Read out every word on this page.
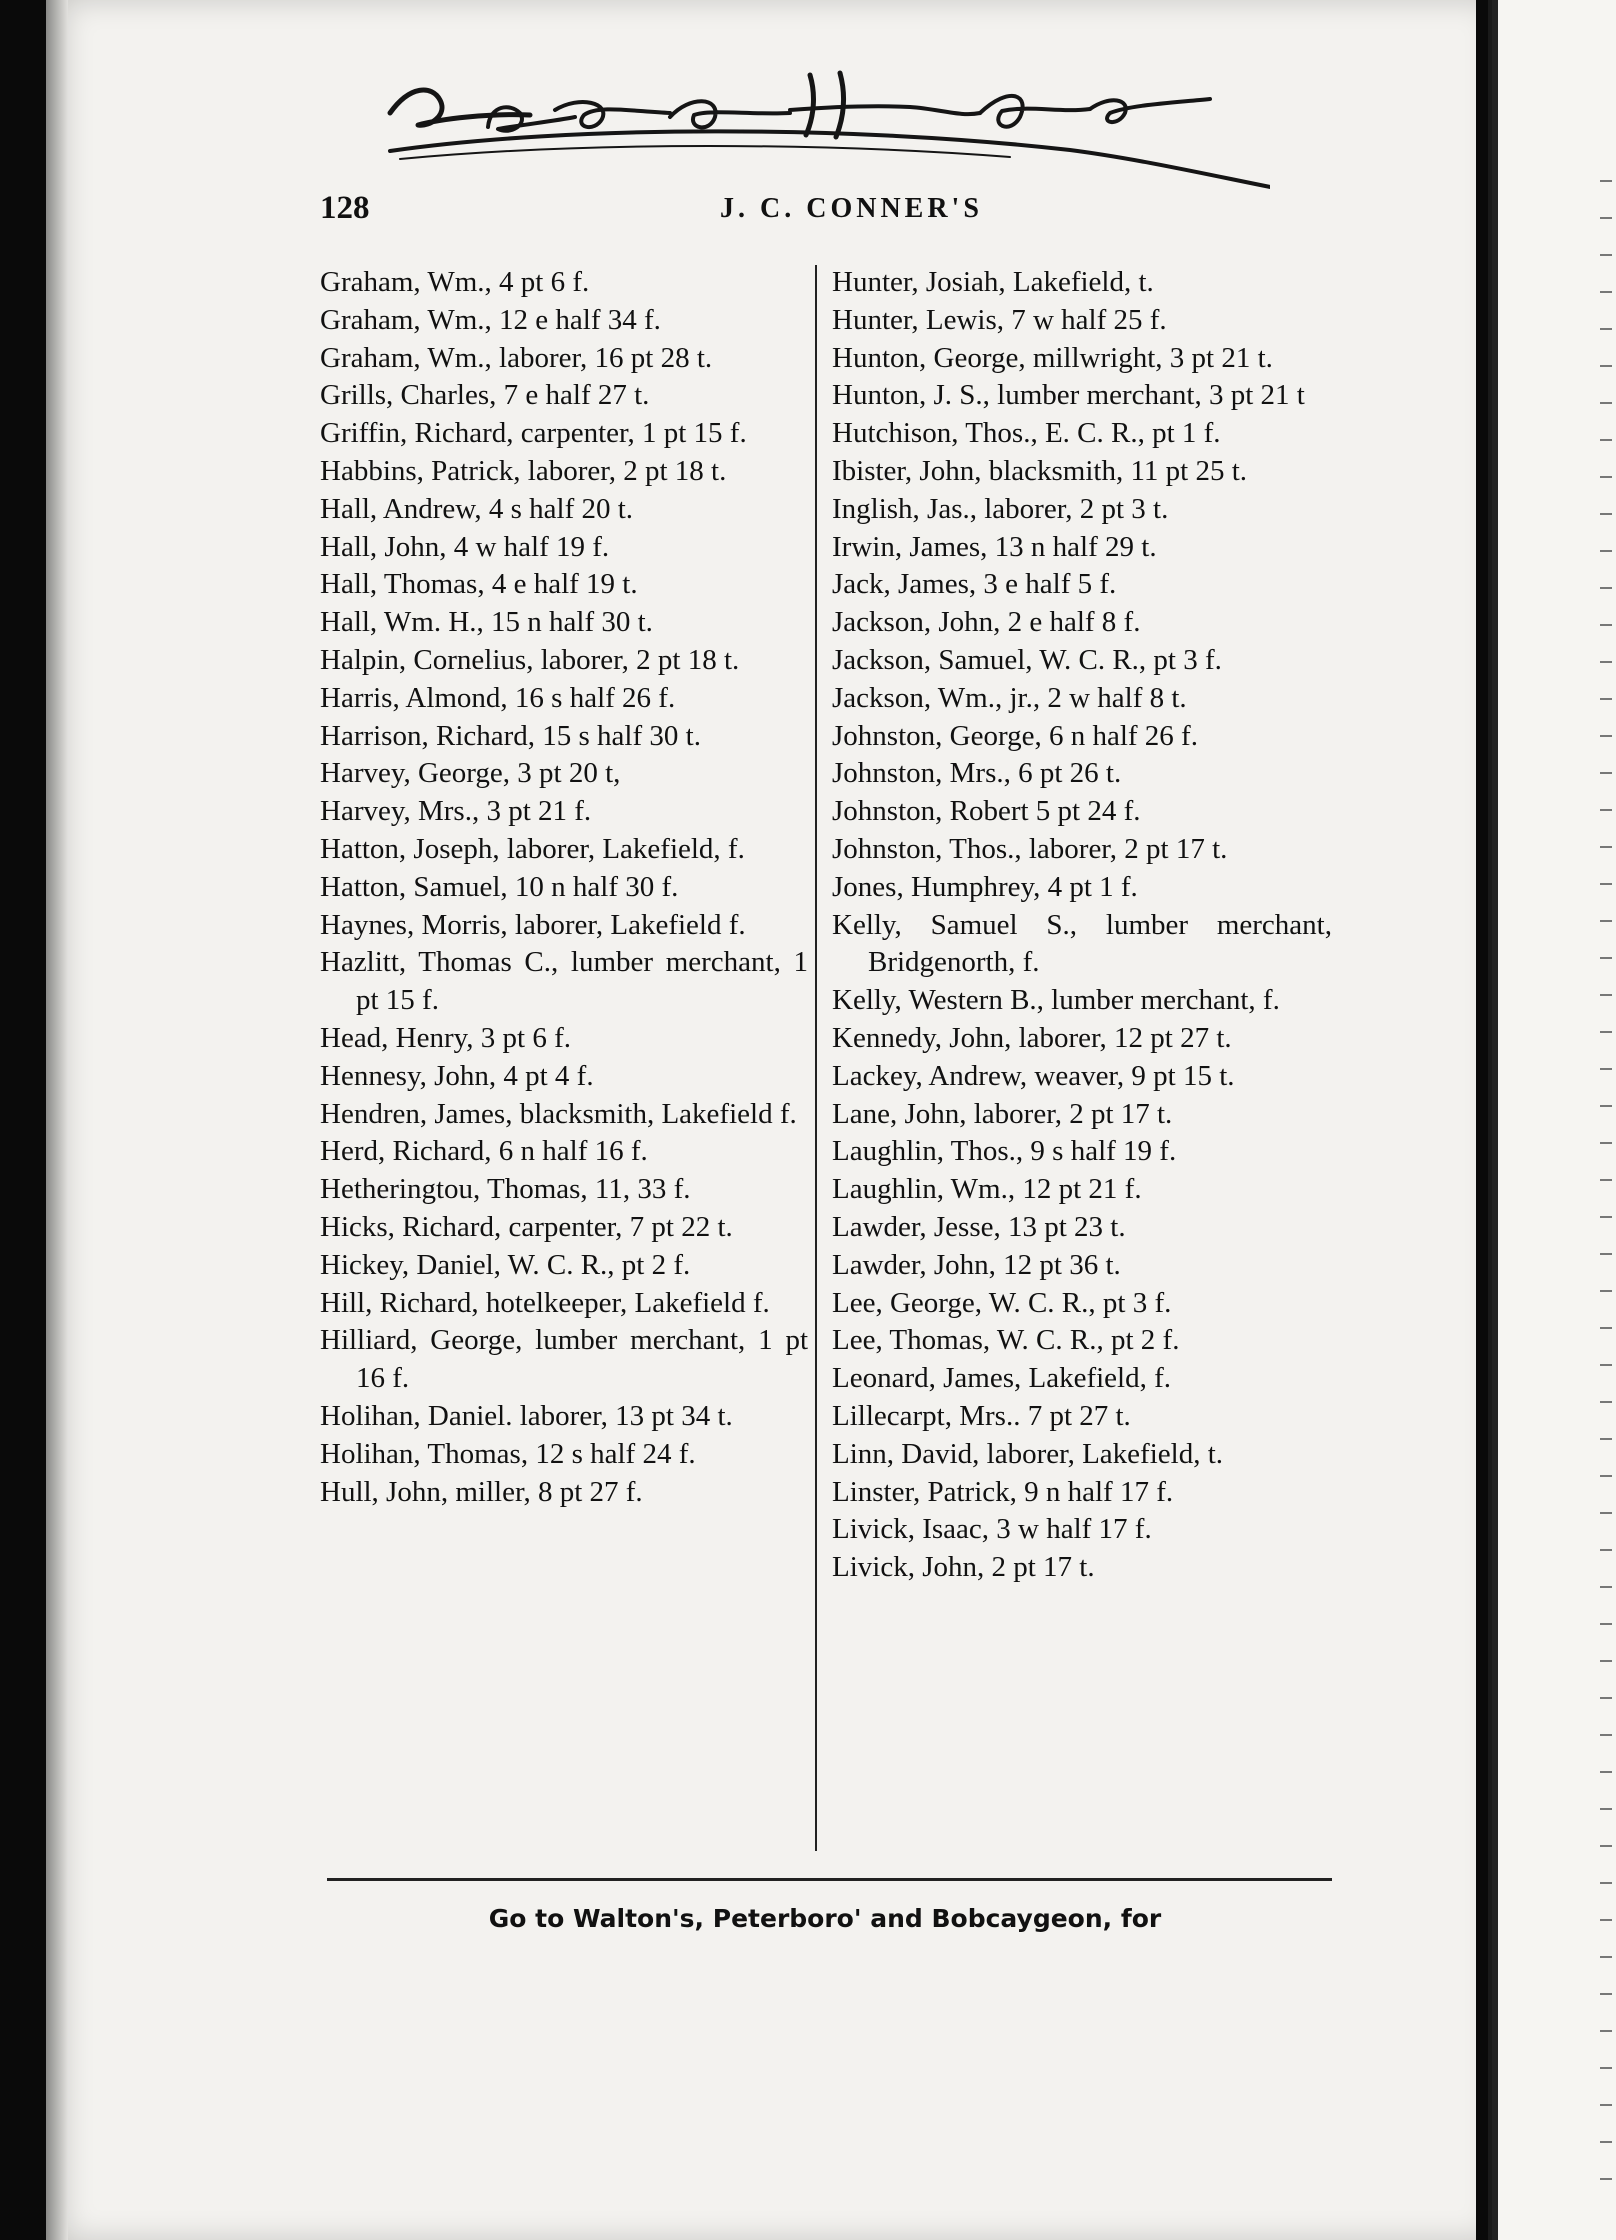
128	J. C. CONNER'S
Graham, Wm., 4 pt 6 f.
Graham, Wm., 12 e half 34 f.
Graham, Wm., laborer, 16 pt 28 t.
Grills, Charles, 7 e half 27 t.
Griffin, Richard, carpenter, 1 pt 15 f.
Habbins, Patrick, laborer, 2 pt 18 t.
Hall, Andrew, 4 s half 20 t.
Hall, John, 4 w half 19 f.
Hall, Thomas, 4 e half 19 t.
Hall, Wm. H., 15 n half 30 t.
Halpin, Cornelius, laborer, 2 pt 18 t.
Harris, Almond, 16 s half 26 f.
Harrison, Richard, 15 s half 30 t.
Harvey, George, 3 pt 20 t,
Harvey, Mrs., 3 pt 21 f.
Hatton, Joseph, laborer, Lakefield, f.
Hatton, Samuel, 10 n half 30 f.
Haynes, Morris, laborer, Lakefield f.
Hazlitt, Thomas C., lumber merchant, 1 pt 15 f.
Head, Henry, 3 pt 6 f.
Hennesy, John, 4 pt 4 f.
Hendren, James, blacksmith, Lakefield f.
Herd, Richard, 6 n half 16 f.
Hetheringtou, Thomas, 11, 33 f.
Hicks, Richard, carpenter, 7 pt 22 t.
Hickey, Daniel, W. C. R., pt 2 f.
Hill, Richard, hotelkeeper, Lakefield f.
Hilliard, George, lumber merchant, 1 pt 16 f.
Holihan, Daniel. laborer, 13 pt 34 t.
Holihan, Thomas, 12 s half 24 f.
Hull, John, miller, 8 pt 27 f.
Hunter, Josiah, Lakefield, t.
Hunter, Lewis, 7 w half 25 f.
Hunton, George, millwright, 3 pt 21 t.
Hunton, J. S., lumber merchant, 3 pt 21 t
Hutchison, Thos., E. C. R., pt 1 f.
Ibister, John, blacksmith, 11 pt 25 t.
Inglish, Jas., laborer, 2 pt 3 t.
Irwin, James, 13 n half 29 t.
Jack, James, 3 e half 5 f.
Jackson, John, 2 e half 8 f.
Jackson, Samuel, W. C. R., pt 3 f.
Jackson, Wm., jr., 2 w half 8 t.
Johnston, George, 6 n half 26 f.
Johnston, Mrs., 6 pt 26 t.
Johnston, Robert 5 pt 24 f.
Johnston, Thos., laborer, 2 pt 17 t.
Jones, Humphrey, 4 pt 1 f.
Kelly, Samuel S., lumber merchant, Bridgenorth, f.
Kelly, Western B., lumber merchant, f.
Kennedy, John, laborer, 12 pt 27 t.
Lackey, Andrew, weaver, 9 pt 15 t.
Lane, John, laborer, 2 pt 17 t.
Laughlin, Thos., 9 s half 19 f.
Laughlin, Wm., 12 pt 21 f.
Lawder, Jesse, 13 pt 23 t.
Lawder, John, 12 pt 36 t.
Lee, George, W. C. R., pt 3 f.
Lee, Thomas, W. C. R., pt 2 f.
Leonard, James, Lakefield, f.
Lillecarpt, Mrs.. 7 pt 27 t.
Linn, David, laborer, Lakefield, t.
Linster, Patrick, 9 n half 17 f.
Livick, Isaac, 3 w half 17 f.
Livick, John, 2 pt 17 t.
Go to Walton's, Peterboro' and Bobcaygeon, for
